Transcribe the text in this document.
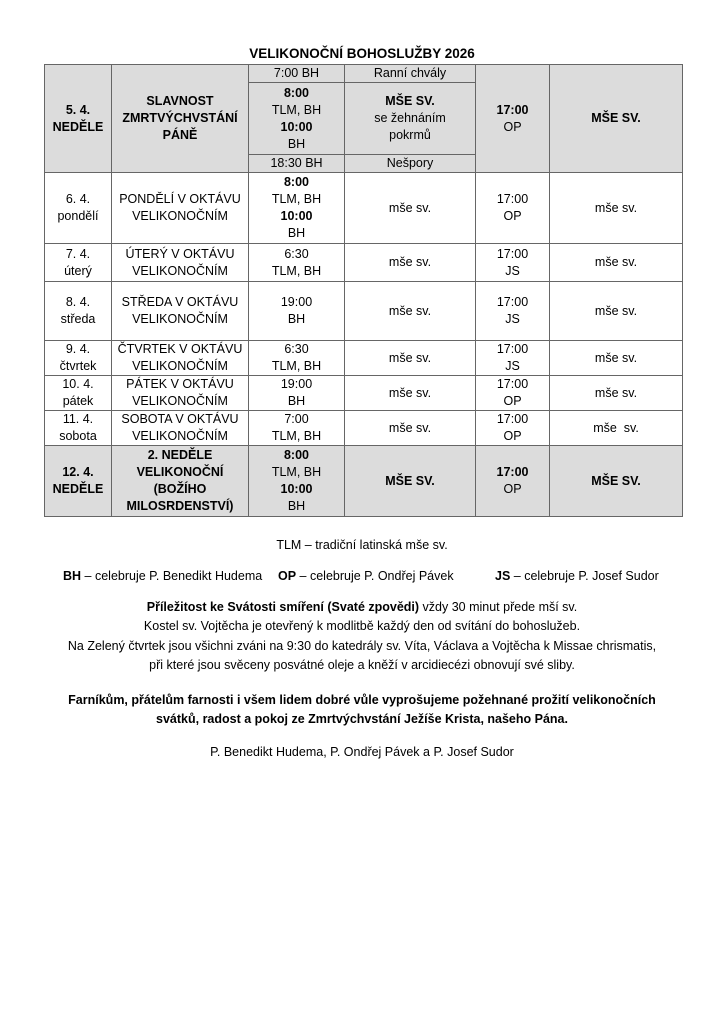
VELIKONOČNÍ BOHOSLUŽBY 2026
5. 4.
NEDĚLE	SLAVNOST
ZMRTVÝCHVSTÁNÍ
PÁNĚ	7:00 BH	Ranní chvály	17:00
OP	MŠE SV.

		8:00
TLM, BH
10:00
BH	MŠE SV.
se žehnáním
pokrmů		

		18:30 BH	Nešpory		

6. 4.
pondělí	PONDĚLÍ V OKTÁVU
VELIKONOČNÍM	8:00
TLM, BH
10:00
BH	mše sv.	17:00
OP	mše sv.

7. 4.
úterý	ÚTERÝ V OKTÁVU
VELIKONOČNÍM	6:30
TLM, BH	mše sv.	17:00
JS	mše sv.

8. 4.
středa	STŘEDA V OKTÁVU
VELIKONOČNÍM	19:00
BH	mše sv.	17:00
JS	mše sv.

9. 4.
čtvrtek	ČTVRTEK V OKTÁVU
VELIKONOČNÍM	6:30
TLM, BH	mše sv.	17:00
JS	mše sv.

10. 4.
pátek	PÁTEK V OKTÁVU
VELIKONOČNÍM	19:00
BH	mše sv.	17:00
OP	mše sv.

11. 4.
sobota	SOBOTA V OKTÁVU
VELIKONOČNÍM	7:00
TLM, BH	mše sv.	17:00
OP	mše  sv.

12. 4.
NEDĚLE	2. NEDĚLE
VELIKONOČNÍ
(BOŽÍHO
MILOSRDENSTVÍ)	8:00
TLM, BH
10:00
BH	MŠE SV.	17:00
OP	MŠE SV.
TLM – tradiční latinská mše sv.
BH – celebruje P. Benedikt Hudema OP – celebruje P. Ondřej Pávek	JS – celebruje P. Josef Sudor
Příležitost ke Svátosti smíření (Svaté zpovědi) vždy 30 minut přede mší sv.
Kostel sv. Vojtěcha je otevřený k modlitbě každý den od svítání do bohoslužeb.
Na Zelený čtvrtek jsou všichni zváni na 9:30 do katedrály sv. Víta, Václava a Vojtěcha k Missae chrismatis,
při které jsou svěceny posvátné oleje a kněží v arcidiecézi obnovují své sliby.
Farníkům, přátelům farnosti i všem lidem dobré vůle vyprošujeme požehnané prožití velikonočních
svátků, radost a pokoj ze Zmrtvýchvstání Ježíše Krista, našeho Pána.
P. Benedikt Hudema, P. Ondřej Pávek a P. Josef Sudor
